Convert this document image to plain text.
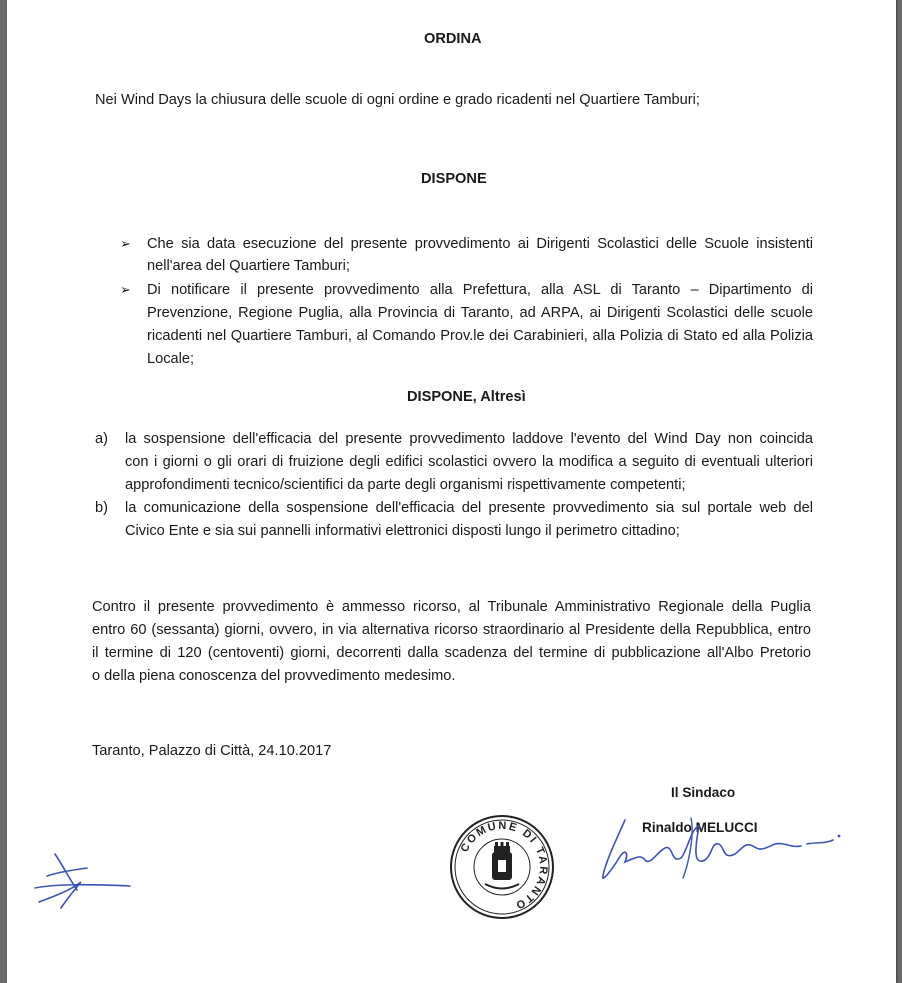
ORDINA
Nei Wind Days la chiusura delle scuole di ogni ordine e grado ricadenti nel Quartiere Tamburi;
DISPONE
➢ Che sia data esecuzione del presente provvedimento ai Dirigenti Scolastici delle Scuole insistenti
nell'area del Quartiere Tamburi;
➢ Di notificare il presente provvedimento alla Prefettura, alla ASL di Taranto – Dipartimento di
Prevenzione, Regione Puglia, alla Provincia di Taranto, ad ARPA, ai Dirigenti Scolastici delle scuole
ricadenti nel Quartiere Tamburi, al Comando Prov.le dei Carabinieri, alla Polizia di Stato ed alla Polizia
Locale;
DISPONE, Altresì
a) la sospensione dell'efficacia del presente provvedimento laddove l'evento del Wind Day non coincida
con i giorni o gli orari di fruizione degli edifici scolastici ovvero la modifica a seguito di eventuali ulteriori
approfondimenti tecnico/scientifici da parte degli organismi rispettivamente competenti;
b) la comunicazione della sospensione dell'efficacia del presente provvedimento sia sul portale web del
Civico Ente e sia sui pannelli informativi elettronici disposti lungo il perimetro cittadino;
Contro il presente provvedimento è ammesso ricorso, al Tribunale Amministrativo Regionale della Puglia
entro 60 (sessanta) giorni, ovvero, in via alternativa ricorso straordinario al Presidente della Repubblica, entro
il termine di 120 (centoventi) giorni, decorrenti dalla scadenza del termine di pubblicazione all'Albo Pretorio
o della piena conoscenza del provvedimento medesimo.
Taranto, Palazzo di Città, 24.10.2017
Il Sindaco
Rinaldo MELUCCI
COMUNE DI TARANTO
